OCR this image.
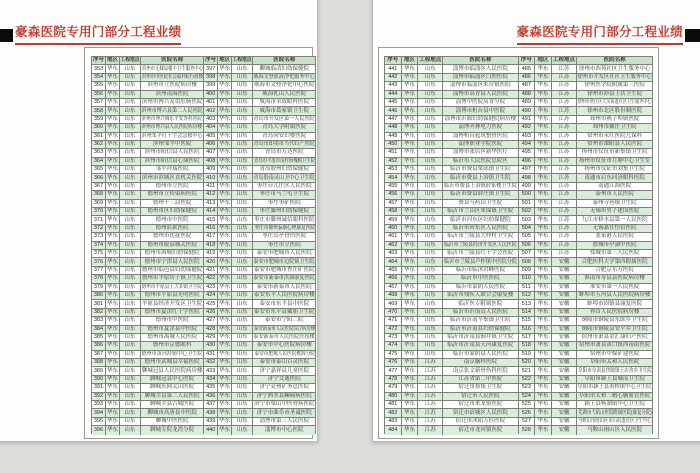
豪森医院专用门部分工程业绩
序号 地区 工程地点	医院名称
353 华东 山东 滨州市无棣县棣丰卫生服务中心
354 华东 山东 滨州市中医院社会福利院行政楼
355 华东 山东 滨州市立医院病房楼
356 华东 山东	滨州南海医院
357 华东 山东 滨州市博兴友谊肛肠医院
358 华东 山东 滨州市博兴县第二人民医院
359 华东 山东 滨州市博兴城东平安外科医院
360 华东 山东 滨州市博兴县人民医院病房楼
361 华东 山东 滨州邹平红十字会急救中心
362 华东 山东	滨州邹平中医院
363 华东 山东 滨州市阳信县人民医院
364 华东 山东 滨州市阳信县心康医院
365 华东 山东	邹平祥瑞医院
366 华东 山东 滨州市滨城区直机关医院
367 华东 山东	德州市立医院
368 华东 山东 德州市立传染病医院
369 华东 山东	德州十三局医院
370 华东 山东 德州市区妇幼保健院
371 华东 山东	德州市中医院
372 华东 山东	德州监狱医院
373 华东 山东	德州市优抚医院
374 华东 山东 德州市陵县城关医院
375 华东 山东 德州市禹城妇幼保健院
376 华东 山东 德州市宁津县人民医院
377 华东 山东 德州市临邑县妇幼保健院
378 华东 山东 德州市平原坊子镇卫生院
379 华东 山东 德州市平原县王大卦镇卫生院
380 华东 山东 德州市平原县光明医院
381 华东 山东 平原县经济开发区卫生院
382 华东 山东 德州市夏津红十字医院
383 华东 山东	德州市中医院
384 华东 山东 德州市夏津县中医院
385 华东 山东 德州市禹城人民医院
386 华东 山东	德州市京德眼科
387 华东 山东 德州市黄河涯镇中心卫生院
388 华东 山东 德州市武城县幸福医院
389 华东 山东 聊城冠县人民医院病房楼
390 华东 山东	聊城冠县中心医院
391 华东 山东	聊城东阿关山医院
392 华东 山东 聊城莘县第二人民医院
393 华东 山东	聊城莘县古城医院
394 华东 山东 聊城市高唐县中医院
395 华东 山东	聊城中医医院
396 华东 山东	聊城专院龙湾分院
序号 地区 工程地点	医院名称
397 华东 山东 聊城临清妇幼保健院
398 华东 山东 威海文登血液净化服务中心
399 华东 山东 威海市文登净化中心医院
400 华东 山东	威海乳山人民医院
401 华东 山东 威海市荣成眼科医院
402 华东 山东 威海市葛家镇卫生院
403 华东 山东 青岛市开发区第一人民医院
404 华东 山东	青岛大学附属医院
405 华东 山东	青岛同安妇婴医院
406 华东 山东 青岛市即墨市当代妇产医院
407 华东 山东	青岛市万达医院
408 华东 山东 青岛市平度市南村镇槐树卫生院
409 华东 山东 青岛胶州妇幼保健院
410 华东 山东 青岛胶南灵山卫中心卫生院
411 华东 山东 枣庄台儿庄区人民医院
412 华东 山东 枣庄市马兰屯卫生院
413 华东 山东	枣庄枣矿医院
414 华东 山东 枣庄滕州妇幼保健院
415 华东 山东 枣庄市滕州诚信眼科医院
416 华东 山东 枣庄市滕州泰康心理康复医院
417 华东 山东	枣庄山亭骨伤医院
418 华东 山东	枣庄市立医院
419 华东 山东 泰安市肥城市人民医院
420 华东 山东 泰安市肥城市边院镇卫生院
421 华东 山东 泰安市肥城市查庄矿医院
422 华东 山东 泰安市新泰市洪强康复医院
423 华东 山东 泰安市新泰市人民医院
424 华东 山东 泰安东平人民医院病房楼
425 华东 山东 泰安市东平县中医院
426 华东 山东 泰安市东平县戴庙卫生院
427 华东 山东	泰安市宁阳二院
428 华东 山东 泰安新泰市人民医院综合病房楼
429 华东 山东 泰安新泰市人民医院医技楼
430 华东 山东 泰安市中心医院病房楼
431 华东 山东 泰安市肥城人民医院桃源分院
432 华东 山东 泰安市泰山百灵医院
433 华东 山东 济宁嘉祥县儿童医院
434 华东 山东	济宁交通医院
435 华东 山东 济宁兖州矿务总医院
436 华东 山东 济宁泗水县癫痫病医院
437 华东 山东 济宁市梁山中医骨病医院
438 华东 山东 济宁市曲阜市圣诚医院
439 华东 山东 淄博市第三人民医院
440 华东 山东	淄博市中心医院
豪森医院专用门部分工程业绩
序号 地区 工程地点	医院名称
441 华东 山东	淄博市临淄区人民医院
442 华东 山东	淄博市临淄区口腔医院
443 华东 山东	淄博市临淄区朱台镇医院
444 华东 山东	淄博市高青县人民医院
445 华东 山东	淄博中医院高青分院
446 华东 山东	淄博市桓台县中医院
447 华东 山东 淄博市沂源妇幼保健院病房楼
448 华东 山东	淄博齐林电力医院
449 华东 山东	淄博桓台起凤整骨医院
450 华东 山东	淄博职业学院医院
451 华东 山东	淄博市张店区新华医疗
452 华东 山东	临沂市人民医院总院区
453 华东 山东	临沂市费县梁邱镇卫生院
454 华东 山东	临沂市费县上冶镇卫生院
455 华东 山东 临沂市费县上冶镇薛家楼卫生院
456 华东 山东	临沂市费县薛庄镇卫生院
457 华东 山东	费县芍药山卫生院
458 华东 山东 临沂市兰山区朱保镇卫生院
459 华东 山东	临沂市河东区妇幼保健院
460 华东 山东	临沂市河东区人民医院
461 华东 山东 临沂市兰陵县大仲村卫生院
462 华东 山东 临沂市兰陵县经济开发区人民医院
463 华东 山东 临沂市兰陵县红十字会医院
464 华东 山东 临沂市兰陵县芦柞镇中医院分院
465 华东 山东	临沂市临沭洪峰医院
466 华东 山东	临沂市中医医院
467 华东 山东	临沂市蒙阴人民医院
468 华东 山东 临沂市残疾人联合会康复楼
469 华东 山东	临沂医专附属医院
470 华东 山东	临沂市沂南县人民医院
471 华东 山东	临沂市沂南辛集镇卫生院
472 华东 山东	临沂市沂南县妇幼保健院
473 华东 山东 临沂市沂南县铜井镇卫生院
474 华东 山东 临沂市沂南县天河康复医院
475 华东 山东	临沂市蒙阴县人民医院
476 华东 江苏	南京脑科医院
477 华东 江苏	南京张文新骨伤科医院
478 华东 江苏	江苏省第二中医院
479 华东 江苏	宿迁市蔡集卫生院
480 华东 江苏	宿迁市人民医院
481 华东 江苏	宿迁市来龙镇医院
482 华东 江苏	宿迁市宿城区人民医院
483 华东 江苏	宿迁市沭阳万匹医院
484 华东 江苏	宿迁市龙河镇医院
序号 地区 工程地点	医院名称
485 华东 江苏 徐州市西苑社区卫生服务中心
486 华东 江苏 徐州市开发区社区卫生服务中心
487 华东 江苏	徐州医学院附属第三医院
488 华东 江苏	徐州市沛县王店卫生院
489 华东 江苏 徐州市贾汪区大吴街道社区卫生服务中心
490 华东 江苏	徐州市北区股份制医院
491 华东 江苏	邳州市燕子埠镇医院
492 华东 江苏	邳州市戴庄卫生院
493 华东 江苏	常州市永红医院儿保科
494 华东 江苏	常州市溧阳县人民医院
495 华东 江苏 扬州市仪征市新集镇卫生院
496 华东 江苏 扬州市仪征市月塘中心卫生室
497 华东 江苏	扬州市仪征市刘集卫生院
498 华东 江苏	南通市启东同济眼科医院
499 华东 江苏	南通江海医院
500 华东 江苏	泰州市人民医院
501 华东 江苏	泰州寺巷镇卫生院
502 华东 江苏	无锡市男子建国医院
503 华东 江苏 九江市修水县第一人民医院
504 华东 江苏	无锡嘉仕恒信医院
505 华东 江苏	张家港人民医院
506 华东 江苏	盐城市亭湖中医院
507 华东 江苏	盐城市第三人民医院
508 华东 安徽 合肥医科大学第四附属医院
509 华东 安徽	合肥京东方医院
510 华东 安徽	淮南市寿县县医院病房楼
511 华东 安徽	淮安市第一人民医院
512 华东 安徽 蚌埠市五河县人民医院病房楼
513 华东 安徽	蚌埠市固镇县康复医院
514 华东 安徽	界首人民医院病房楼
515 华东 安徽 铜陵市铜陵县东联乡卫生院
516 华东 安徽 铜陵市铜陵县安平乡卫生院
517 华东 安徽 宿州市萧县金汇康妇产医院
518 华东 安徽 宿州市萧县黄口镇西南街医院
519 华东 安徽	宿州市中煤矿建医院
520 华东 安徽	阜阳市太和人民医院
521 华东 安徽 阜阳市阜南县焦陂镇王店孜乡卫生院
522 华东 安徽	阜阳市颍上县城南卫生院
523 华东 安徽 阜阳市颍上县黄桥镇中心卫生院
524 华东 安徽 阜阳市太和三精心脑血管医院
525 华东 安徽	颍上县杨湖镇中心卫生院
526 华东 安徽 芜湖市弋矶山医院附属医院(康复分院)
527 华东 安徽 马鞍山市雨山区采石街道社区卫生中心
528 华东 安徽	马鞍山雨山区人民医院
